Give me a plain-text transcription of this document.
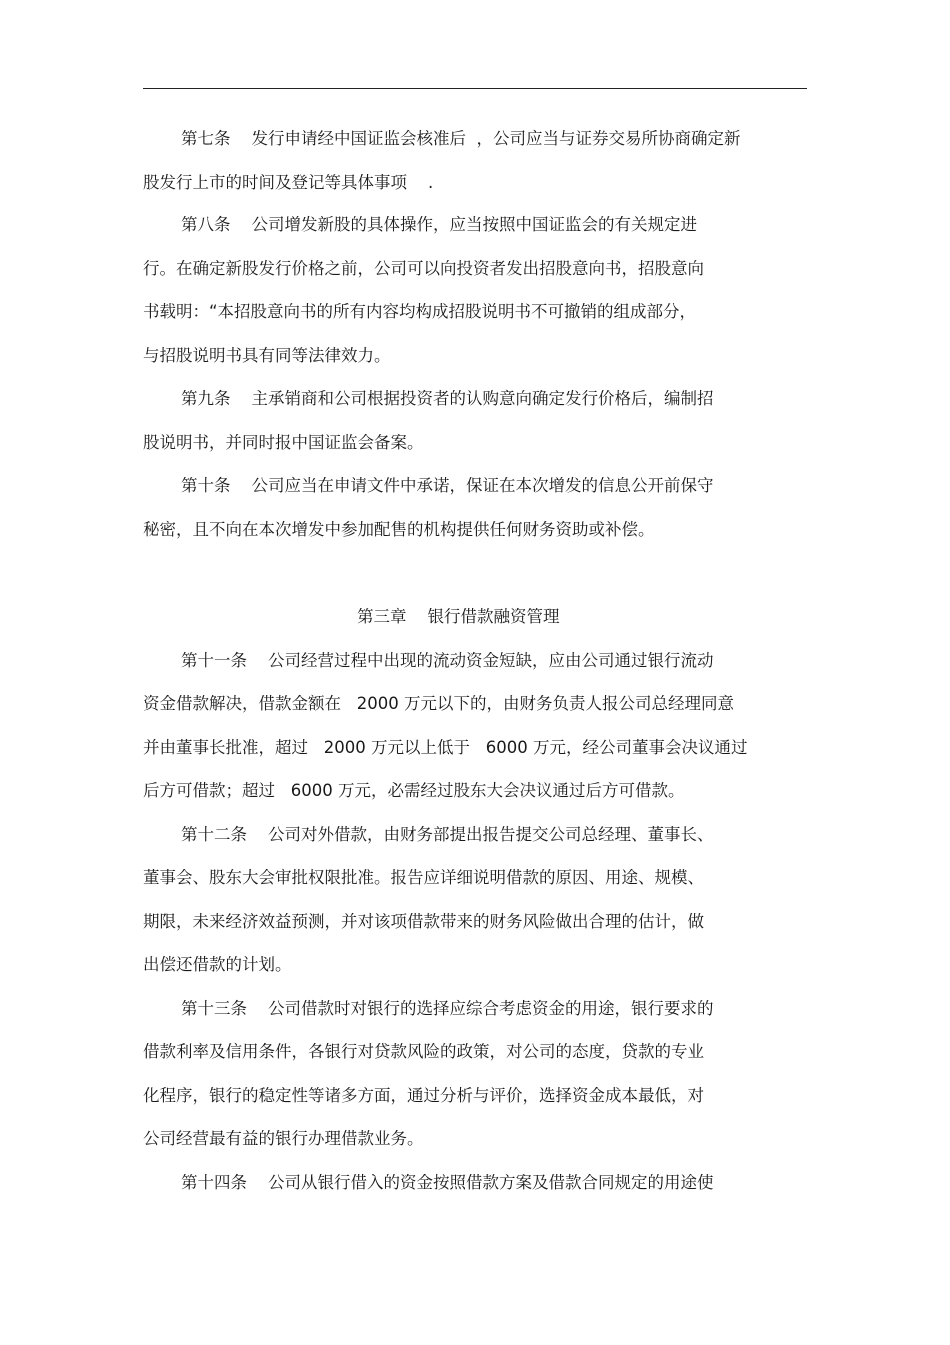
第七条    发行申请经中国证监会核准后  ，公司应当与证券交易所协商确定新

股发行上市的时间及登记等具体事项    .

第八条    公司增发新股的具体操作，应当按照中国证监会的有关规定进

行。在确定新股发行价格之前，公司可以向投资者发出招股意向书，招股意向

书载明：“本招股意向书的所有内容均构成招股说明书不可撤销的组成部分，

与招股说明书具有同等法律效力。

第九条    主承销商和公司根据投资者的认购意向确定发行价格后，编制招

股说明书，并同时报中国证监会备案。

第十条    公司应当在申请文件中承诺，保证在本次增发的信息公开前保守

秘密，且不向在本次增发中参加配售的机构提供任何财务资助或补偿。

第三章    银行借款融资管理

第十一条    公司经营过程中出现的流动资金短缺，应由公司通过银行流动

资金借款解决，借款金额在   2000 万元以下的，由财务负责人报公司总经理同意

并由董事长批准，超过   2000 万元以上低于   6000 万元，经公司董事会决议通过

后方可借款；超过   6000 万元，必需经过股东大会决议通过后方可借款。

第十二条    公司对外借款，由财务部提出报告提交公司总经理、董事长、

董事会、股东大会审批权限批准。报告应详细说明借款的原因、用途、规模、

期限，未来经济效益预测，并对该项借款带来的财务风险做出合理的估计，做

出偿还借款的计划。

第十三条    公司借款时对银行的选择应综合考虑资金的用途，银行要求的

借款利率及信用条件，各银行对贷款风险的政策，对公司的态度，贷款的专业

化程序，银行的稳定性等诸多方面，通过分析与评价，选择资金成本最低，对

公司经营最有益的银行办理借款业务。

第十四条    公司从银行借入的资金按照借款方案及借款合同规定的用途使
